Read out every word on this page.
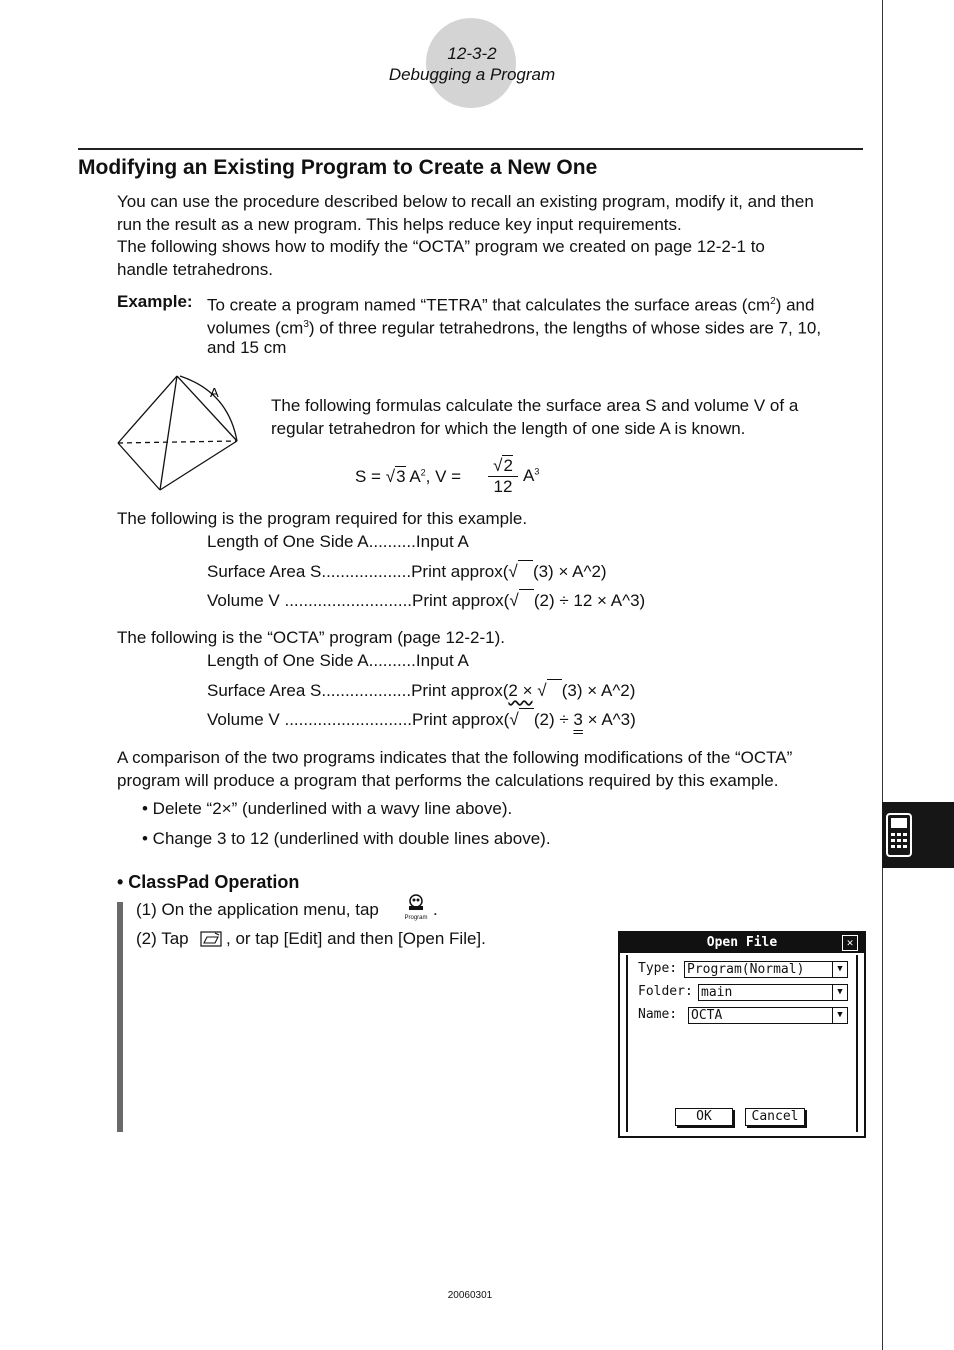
12-3-2
Debugging a Program
Modifying an Existing Program to Create a New One
You can use the procedure described below to recall an existing program, modify it, and then
run the result as a new program. This helps reduce key input requirements.
The following shows how to modify the “OCTA” program we created on page 12-2-1 to
handle tetrahedrons.
Example: To create a program named “TETRA” that calculates the surface areas $(cm^2)$ and
volumes $(cm^3)$ of three regular tetrahedrons, the lengths of whose sides are 7, 10,
and 15 cm
A
The following formulas calculate the surface area S and volume V of a
regular tetrahedron for which the length of one side A is known.
S = √3 $A^2$, V =
√2
12
$A^3$
The following is the program required for this example.
Length of One Side A..........Input A
Surface Area S...................Print approx(√ (3) × A^2)
Volume V ...........................Print approx(√ (2) ÷ 12 × A^3)
The following is the “OCTA” program (page 12-2-1).
Length of One Side A..........Input A
Surface Area S...................Print approx(2 × √ (3) × A^2)
Volume V ...........................Print approx(√ (2) ÷ 3 × A^3)
A comparison of the two programs indicates that the following modifications of the “OCTA”
program will produce a program that performs the calculations required by this example.
• Delete “2×” (underlined with a wavy line above).
• Change 3 to 12 (underlined with double lines above).
• ClassPad Operation
(1) On the application menu, tap	Program .
(2) Tap , or tap [Edit] and then [Open File].	Open File	✕
Type: Program(Normal)	▼
Folder: main	▼
Name: OCTA	▼
OK	Cancel
20060301
